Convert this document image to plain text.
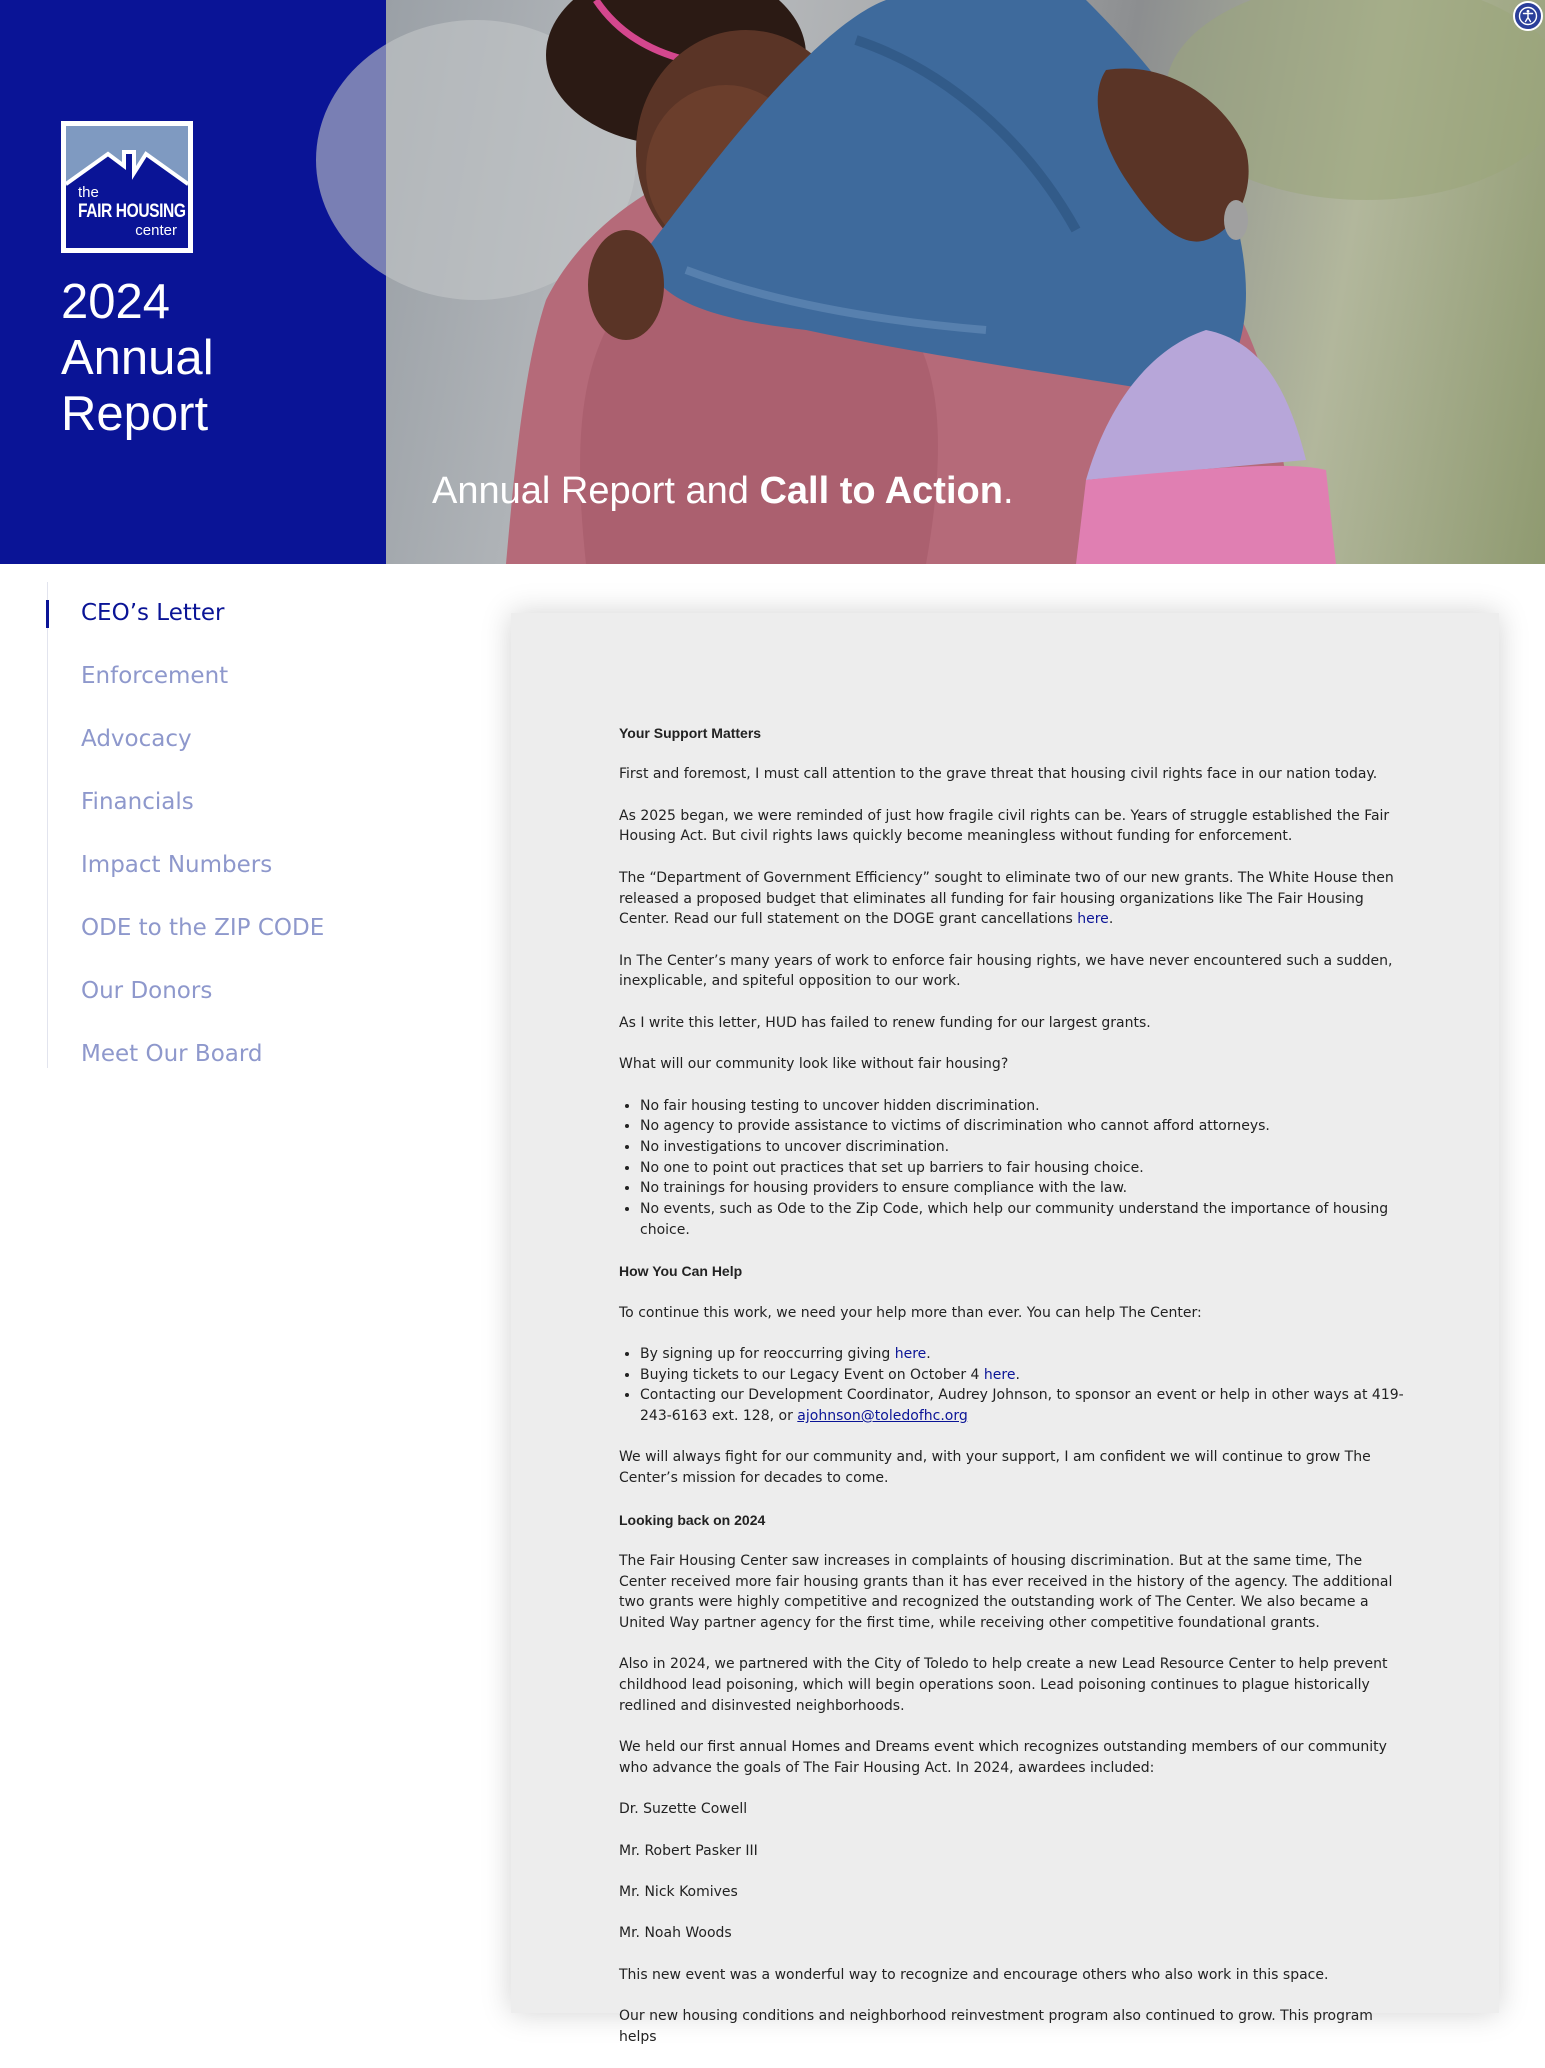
the
FAIR HOUSING
center
2024
Annual
Report
Annual Report and Call to Action.
CEO’s Letter
Enforcement
Advocacy
Financials
Impact Numbers
ODE to the ZIP CODE
Our Donors
Meet Our Board
Your Support Matters

First and foremost, I must call attention to the grave threat that housing civil rights face in our nation today.

As 2025 began, we were reminded of just how fragile civil rights can be. Years of struggle established the Fair Housing Act. But civil rights laws quickly become meaningless without funding for enforcement.

The “Department of Government Efficiency” sought to eliminate two of our new grants. The White House then released a proposed budget that eliminates all funding for fair housing organizations like The Fair Housing Center. Read our full statement on the DOGE grant cancellations here.

In The Center’s many years of work to enforce fair housing rights, we have never encountered such a sudden, inexplicable, and spiteful opposition to our work.

As I write this letter, HUD has failed to renew funding for our largest grants.

What will our community look like without fair housing?

• No fair housing testing to uncover hidden discrimination.
• No agency to provide assistance to victims of discrimination who cannot afford attorneys.
• No investigations to uncover discrimination.
• No one to point out practices that set up barriers to fair housing choice.
• No trainings for housing providers to ensure compliance with the law.
• No events, such as Ode to the Zip Code, which help our community understand the importance of housing choice.
How You Can Help

To continue this work, we need your help more than ever. You can help The Center:

• By signing up for reoccurring giving here.
• Buying tickets to our Legacy Event on October 4 here.
• Contacting our Development Coordinator, Audrey Johnson, to sponsor an event or help in other ways at 419-243-6163 ext. 128, or ajohnson@toledofhc.org

We will always fight for our community and, with your support, I am confident we will continue to grow The Center’s mission for decades to come.

Looking back on 2024

The Fair Housing Center saw increases in complaints of housing discrimination. But at the same time, The Center received more fair housing grants than it has ever received in the history of the agency. The additional two grants were highly competitive and recognized the outstanding work of The Center. We also became a United Way partner agency for the first time, while receiving other competitive foundational grants.

Also in 2024, we partnered with the City of Toledo to help create a new Lead Resource Center to help prevent childhood lead poisoning, which will begin operations soon. Lead poisoning continues to plague historically redlined and disinvested neighborhoods.

We held our first annual Homes and Dreams event which recognizes outstanding members of our community who advance the goals of The Fair Housing Act. In 2024, awardees included:

Dr. Suzette Cowell

Mr. Robert Pasker III

Mr. Nick Komives

Mr. Noah Woods

This new event was a wonderful way to recognize and encourage others who also work in this space.

Our new housing conditions and neighborhood reinvestment program also continued to grow. This program helps
